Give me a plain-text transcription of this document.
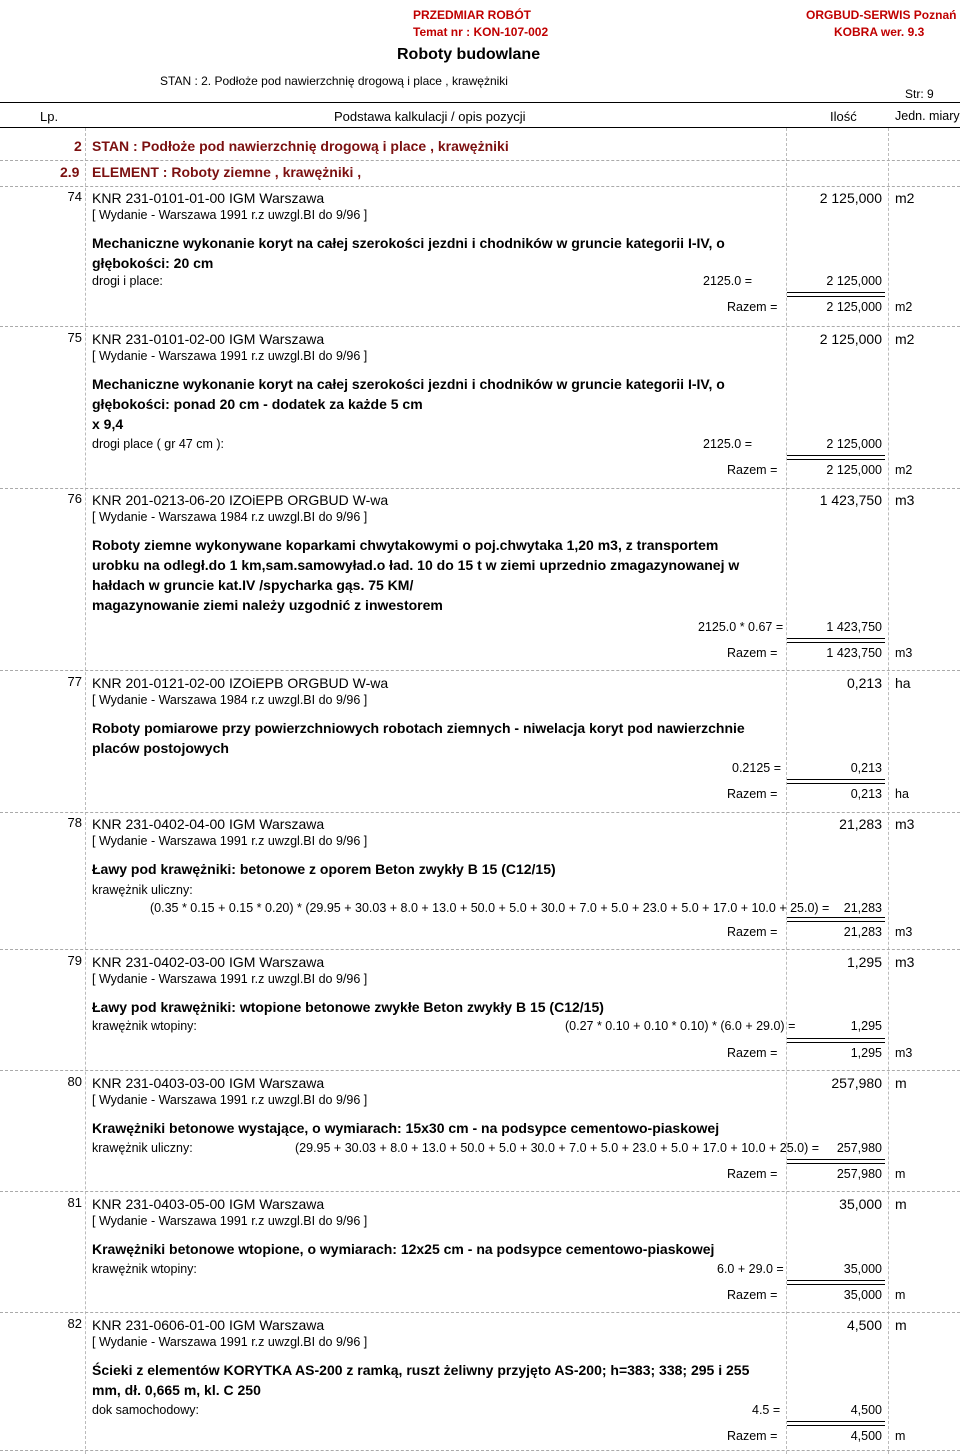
PRZEDMIAR ROBÓT
Temat nr : KON-107-002
ORGBUD-SERWIS Poznań
KOBRA wer. 9.3
Roboty budowlane
STAN : 2. Podłoże pod nawierzchnię drogową i place , krawężniki
Str: 9
Lp.	Podstawa kalkulacji / opis pozycji	Ilość	Jedn. miary
2 STAN : Podłoże pod nawierzchnię drogową i place , krawężniki
2.9 ELEMENT : Roboty ziemne , krawężniki ,
74 KNR 231-0101-01-00 IGM Warszawa	2 125,000 m2
[ Wydanie - Warszawa 1991 r.z uwzgl.BI do 9/96 ]
Mechaniczne wykonanie koryt na całej szerokości jezdni i chodników w gruncie kategorii I-IV, o głębokości: 20 cm
drogi i place:	2125.0 =	2 125,000
Razem =	2 125,000 m2
75 KNR 231-0101-02-00 IGM Warszawa	2 125,000 m2
[ Wydanie - Warszawa 1991 r.z uwzgl.BI do 9/96 ]
Mechaniczne wykonanie koryt na całej szerokości jezdni i chodników w gruncie kategorii I-IV, o głębokości: ponad 20 cm - dodatek za każde 5 cm
x 9,4
drogi place ( gr 47 cm ):	2125.0 =	2 125,000
Razem =	2 125,000 m2
76 KNR 201-0213-06-20 IZOiEPB ORGBUD W-wa	1 423,750 m3
[ Wydanie - Warszawa 1984 r.z uwzgl.BI do 9/96 ]
Roboty ziemne wykonywane koparkami chwytakowymi o poj.chwytaka 1,20 m3, z transportem urobku na odległ.do 1 km,sam.samowyład.o ład. 10 do 15 t w ziemi uprzednio zmagazynowanej w hałdach w gruncie kat.IV /spycharka gąs. 75 KM/
magazynowanie ziemi należy uzgodnić z inwestorem
2125.0 * 0.67 =	1 423,750
Razem =	1 423,750 m3
77 KNR 201-0121-02-00 IZOiEPB ORGBUD W-wa	0,213 ha
[ Wydanie - Warszawa 1984 r.z uwzgl.BI do 9/96 ]
Roboty pomiarowe przy powierzchniowych robotach ziemnych - niwelacja koryt pod nawierzchnie placów postojowych
0.2125 =	0,213
Razem =	0,213 ha
78 KNR 231-0402-04-00 IGM Warszawa	21,283 m3
[ Wydanie - Warszawa 1991 r.z uwzgl.BI do 9/96 ]
Ławy pod krawężniki: betonowe z oporem Beton zwykły B 15 (C12/15)
krawężnik uliczny:
(0.35 * 0.15 + 0.15 * 0.20) * (29.95 + 30.03 + 8.0 + 13.0 + 50.0 + 5.0 + 30.0 + 7.0 + 5.0 + 23.0 + 5.0 + 17.0 + 10.0 + 25.0) = 21,283
Razem =	21,283 m3
79 KNR 231-0402-03-00 IGM Warszawa	1,295 m3
[ Wydanie - Warszawa 1991 r.z uwzgl.BI do 9/96 ]
Ławy pod krawężniki: wtopione betonowe zwykłe Beton zwykły B 15 (C12/15)
krawężnik wtopiny:	(0.27 * 0.10 + 0.10 * 0.10) * (6.0 + 29.0) =	1,295
Razem =	1,295 m3
80 KNR 231-0403-03-00 IGM Warszawa	257,980 m
[ Wydanie - Warszawa 1991 r.z uwzgl.BI do 9/96 ]
Krawężniki betonowe wystające, o wymiarach: 15x30 cm - na podsypce cementowo-piaskowej
krawężnik uliczny:	(29.95 + 30.03 + 8.0 + 13.0 + 50.0 + 5.0 + 30.0 + 7.0 + 5.0 + 23.0 + 5.0 + 17.0 + 10.0 + 25.0) = 257,980
Razem =	257,980 m
81 KNR 231-0403-05-00 IGM Warszawa	35,000 m
[ Wydanie - Warszawa 1991 r.z uwzgl.BI do 9/96 ]
Krawężniki betonowe wtopione, o wymiarach: 12x25 cm - na podsypce cementowo-piaskowej
krawężnik wtopiny:	6.0 + 29.0 =	35,000
Razem =	35,000 m
82 KNR 231-0606-01-00 IGM Warszawa	4,500 m
[ Wydanie - Warszawa 1991 r.z uwzgl.BI do 9/96 ]
Ścieki z elementów KORYTKA AS-200 z ramką, ruszt żeliwny przyjęto AS-200; h=383; 338; 295 i 255 mm, dł. 0,665 m, kl. C 250
dok samochodowy:	4.5 =	4,500
Razem =	4,500 m
